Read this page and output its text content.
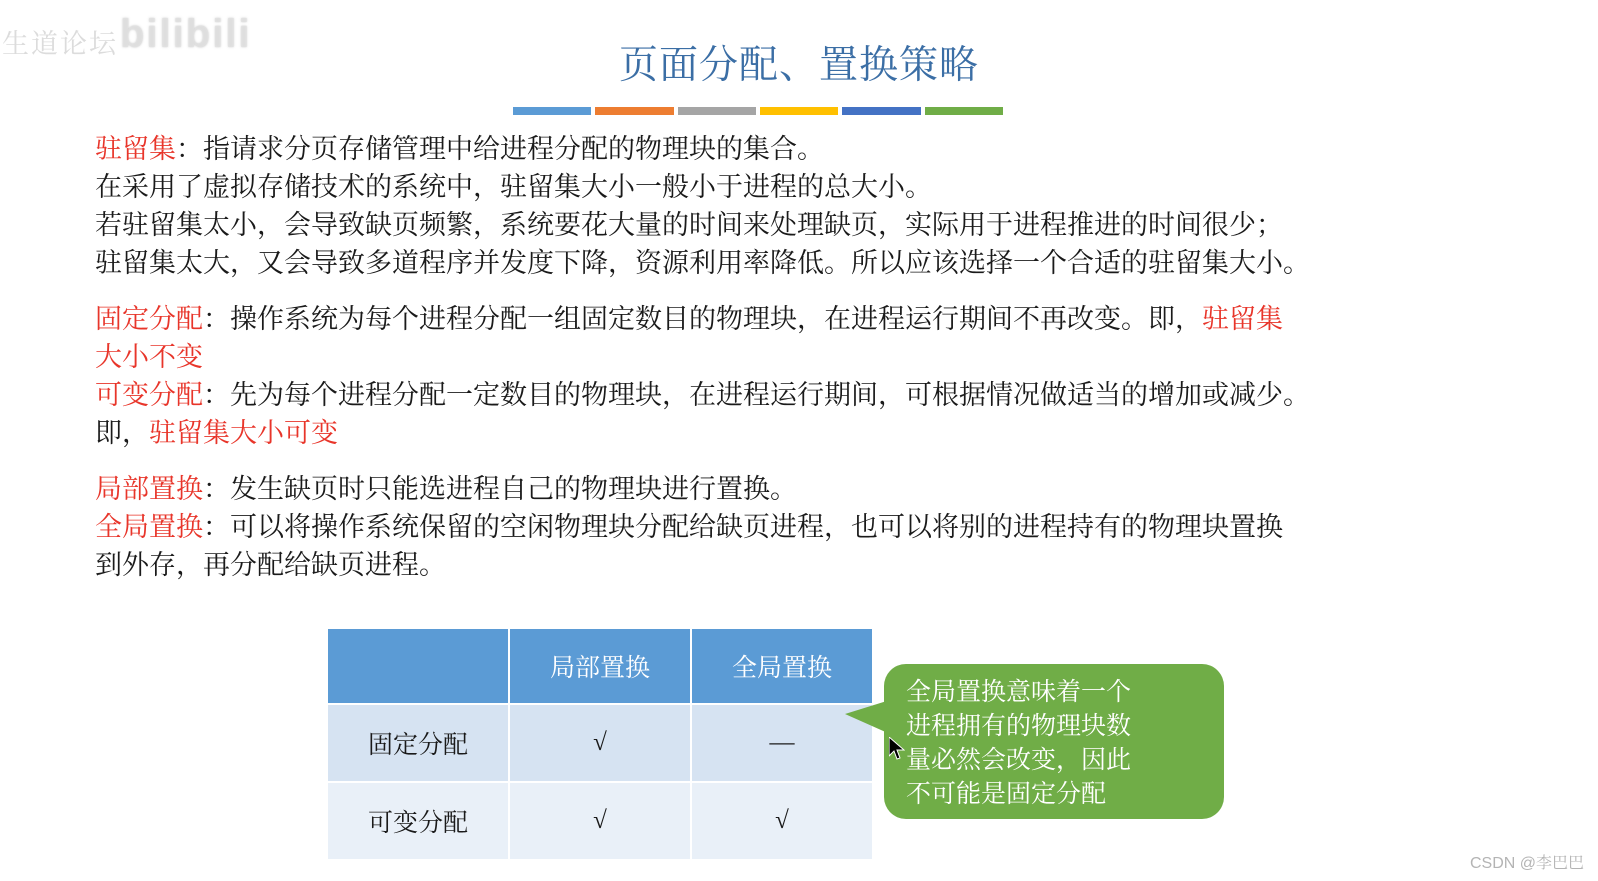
生道论坛 bilibili
页面分配、置换策略
驻留集：指请求分页存储管理中给进程分配的物理块的集合。
在采用了虚拟存储技术的系统中，驻留集大小一般小于进程的总大小。
若驻留集太小，会导致缺页频繁，系统要花大量的时间来处理缺页，实际用于进程推进的时间很少；
驻留集太大，又会导致多道程序并发度下降，资源利用率降低。所以应该选择一个合适的驻留集大小。
固定分配：操作系统为每个进程分配一组固定数目的物理块，在进程运行期间不再改变。即，驻留集
大小不变
可变分配：先为每个进程分配一定数目的物理块，在进程运行期间，可根据情况做适当的增加或减少。
即，驻留集大小可变
局部置换：发生缺页时只能选进程自己的物理块进行置换。
全局置换：可以将操作系统保留的空闲物理块分配给缺页进程，也可以将别的进程持有的物理块置换
到外存，再分配给缺页进程。
	局部置换	全局置换
固定分配	√	—
可变分配	√	√
全局置换意味着一个
进程拥有的物理块数
量必然会改变，因此
不可能是固定分配
CSDN @李巴巴
